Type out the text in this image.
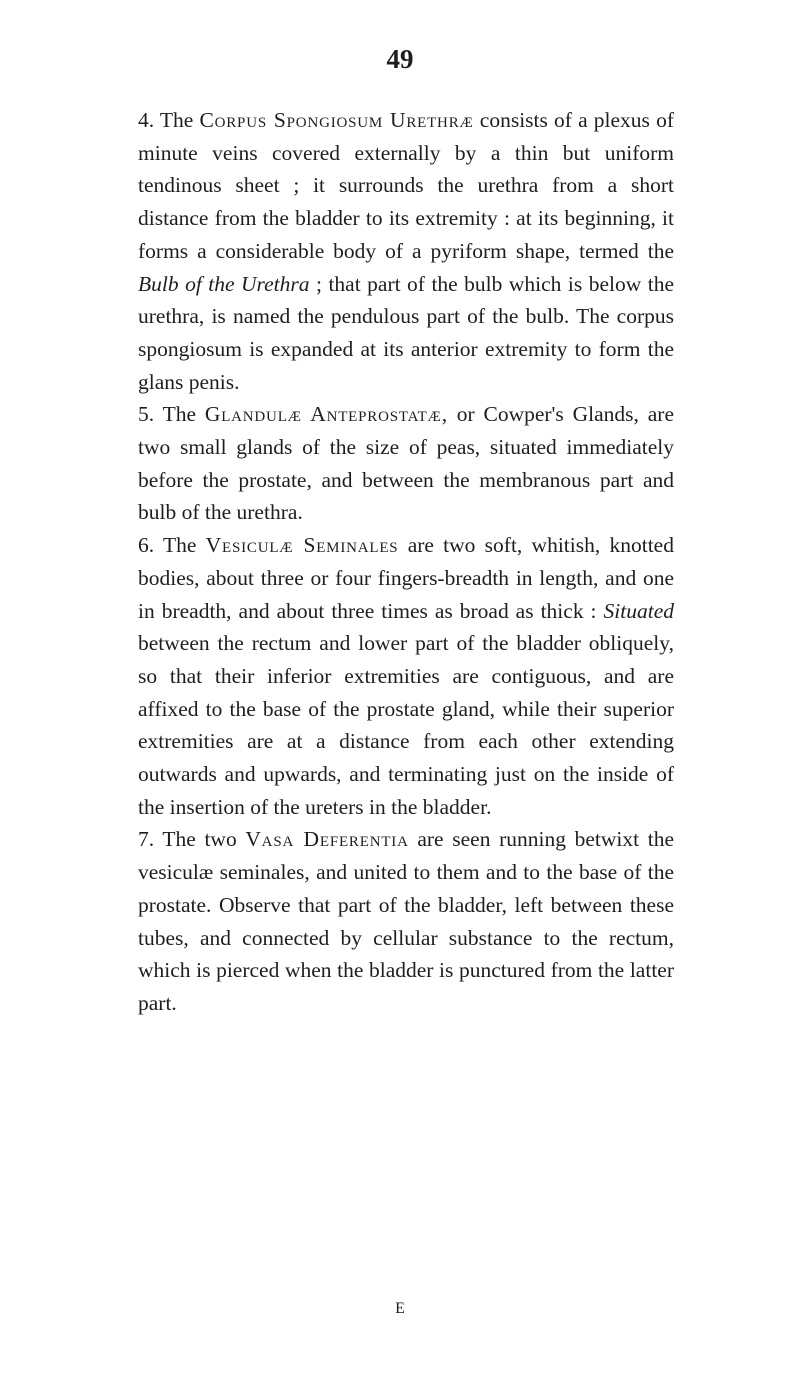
49

4. The Corpus Spongiosum Urethræ consists of a plexus of minute veins covered externally by a thin but uniform tendinous sheet ; it surrounds the urethra from a short distance from the bladder to its extremity : at its beginning, it forms a considerable body of a pyriform shape, termed the Bulb of the Urethra ; that part of the bulb which is below the urethra, is named the pendulous part of the bulb. The corpus spongiosum is expanded at its anterior extremity to form the glans penis.

5. The Glandulæ Anteprostatæ, or Cowper's Glands, are two small glands of the size of peas, situated immediately before the prostate, and between the membranous part and bulb of the urethra.

6. The Vesiculæ Seminales are two soft, whitish, knotted bodies, about three or four fingers-breadth in length, and one in breadth, and about three times as broad as thick : Situated between the rectum and lower part of the bladder obliquely, so that their inferior extremities are contiguous, and are affixed to the base of the prostate gland, while their superior extremities are at a distance from each other extending outwards and upwards, and terminating just on the inside of the insertion of the ureters in the bladder.

7. The two Vasa Deferentia are seen running betwixt the vesiculæ seminales, and united to them and to the base of the prostate. Observe that part of the bladder, left between these tubes, and connected by cellular substance to the rectum, which is pierced when the bladder is punctured from the latter part.

E
